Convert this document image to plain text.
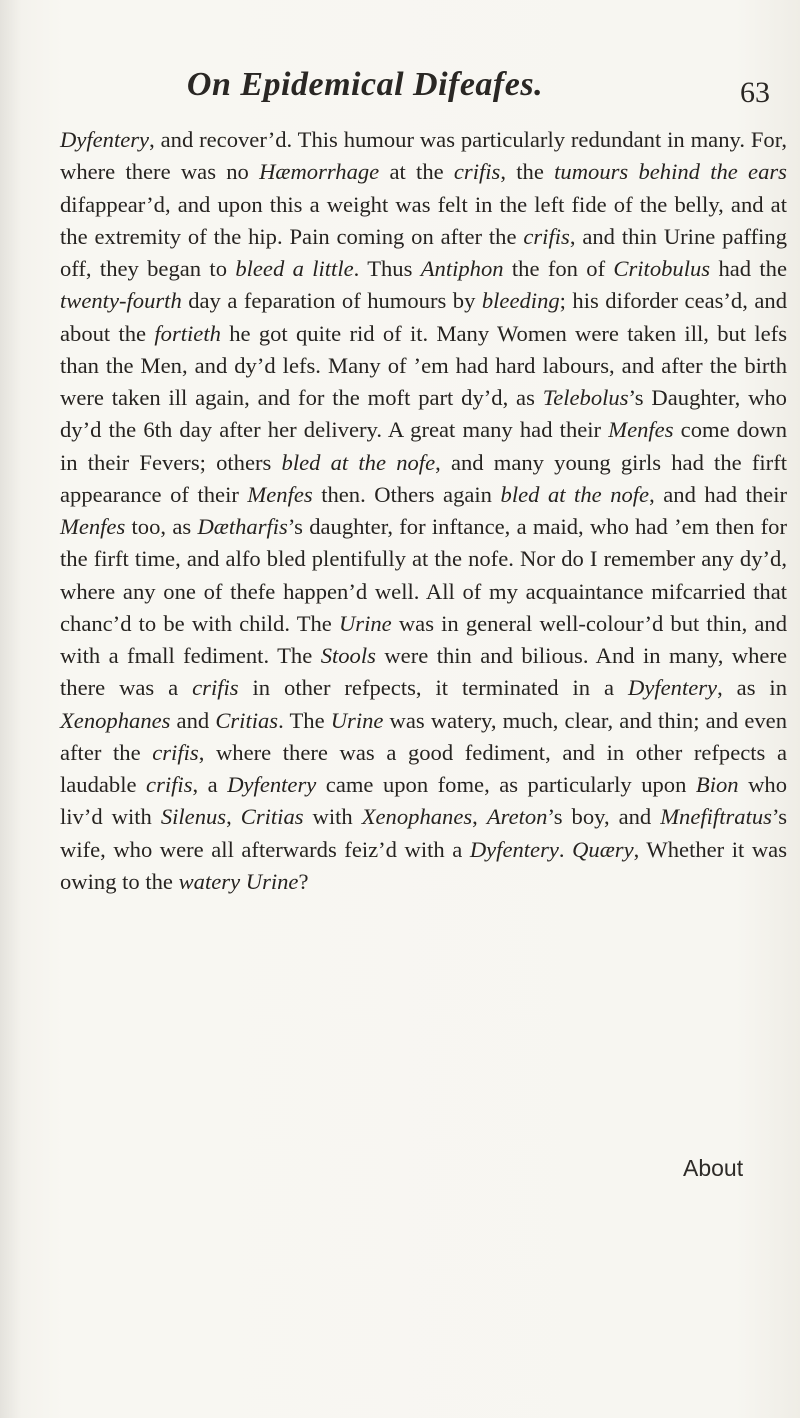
On Epidemical Difeafes.	63

Dyfentery, and recover’d. This humour was particularly redundant in many. For, where there was no Hæmorrhage at the crifis, the tumours behind the ears difappear’d, and upon this a weight was felt in the left fide of the belly, and at the extremity of the hip. Pain coming on after the crifis, and thin Urine paffing off, they began to bleed a little. Thus Antiphon the fon of Critobulus had the twenty-fourth day a feparation of humours by bleeding; his diforder ceas’d, and about the fortieth he got quite rid of it. Many Women were taken ill, but lefs than the Men, and dy’d lefs. Many of ’em had hard labours, and after the birth were taken ill again, and for the moft part dy’d, as Telebolus’s Daughter, who dy’d the 6th day after her delivery. A great many had their Menfes come down in their Fevers; others bled at the nofe, and many young girls had the firft appearance of their Menfes then. Others again bled at the nofe, and had their Menfes too, as Dætharfis’s daughter, for inftance, a maid, who had ’em then for the firft time, and alfo bled plentifully at the nofe. Nor do I remember any dy’d, where any one of thefe happen’d well. All of my acquaintance mifcarried that chanc’d to be with child. The Urine was in general well-colour’d but thin, and with a fmall fediment. The Stools were thin and bilious. And in many, where there was a crifis in other refpects, it terminated in a Dyfentery, as in Xenophanes and Critias. The Urine was watery, much, clear, and thin; and even after the crifis, where there was a good fediment, and in other refpects a laudable crifis, a Dyfentery came upon fome, as particularly upon Bion who liv’d with Silenus, Critias with Xenophanes, Areton’s boy, and Mnefiftratus’s wife, who were all afterwards feiz’d with a Dyfentery. Quæry, Whether it was owing to the watery Urine?

About
